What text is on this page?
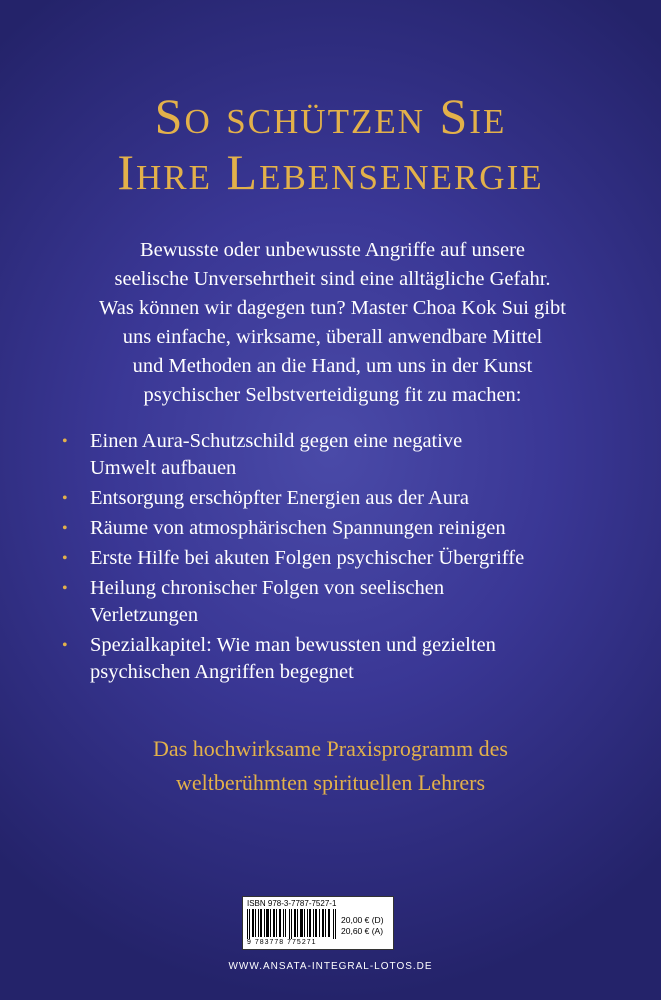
So schützen Sie
Ihre Lebensenergie
Bewusste oder unbewusste Angriffe auf unsere
seelische Unversehrtheit sind eine alltägliche Gefahr.
Was können wir dagegen tun? Master Choa Kok Sui gibt
uns einfache, wirksame, überall anwendbare Mittel
und Methoden an die Hand, um uns in der Kunst
psychischer Selbstverteidigung fit zu machen:
• Einen Aura-Schutzschild gegen eine negative
Umwelt aufbauen
• Entsorgung erschöpfter Energien aus der Aura
• Räume von atmosphärischen Spannungen reinigen
• Erste Hilfe bei akuten Folgen psychischer Übergriffe
• Heilung chronischer Folgen von seelischen
Verletzungen
• Spezialkapitel: Wie man bewussten und gezielten
psychischen Angriffen begegnet
Das hochwirksame Praxisprogramm des
weltberühmten spirituellen Lehrers
ISBN 978-3-7787-7527-1
9 783778 775271
20,00 € (D)
20,60 € (A)
WWW.ANSATA-INTEGRAL-LOTOS.DE
